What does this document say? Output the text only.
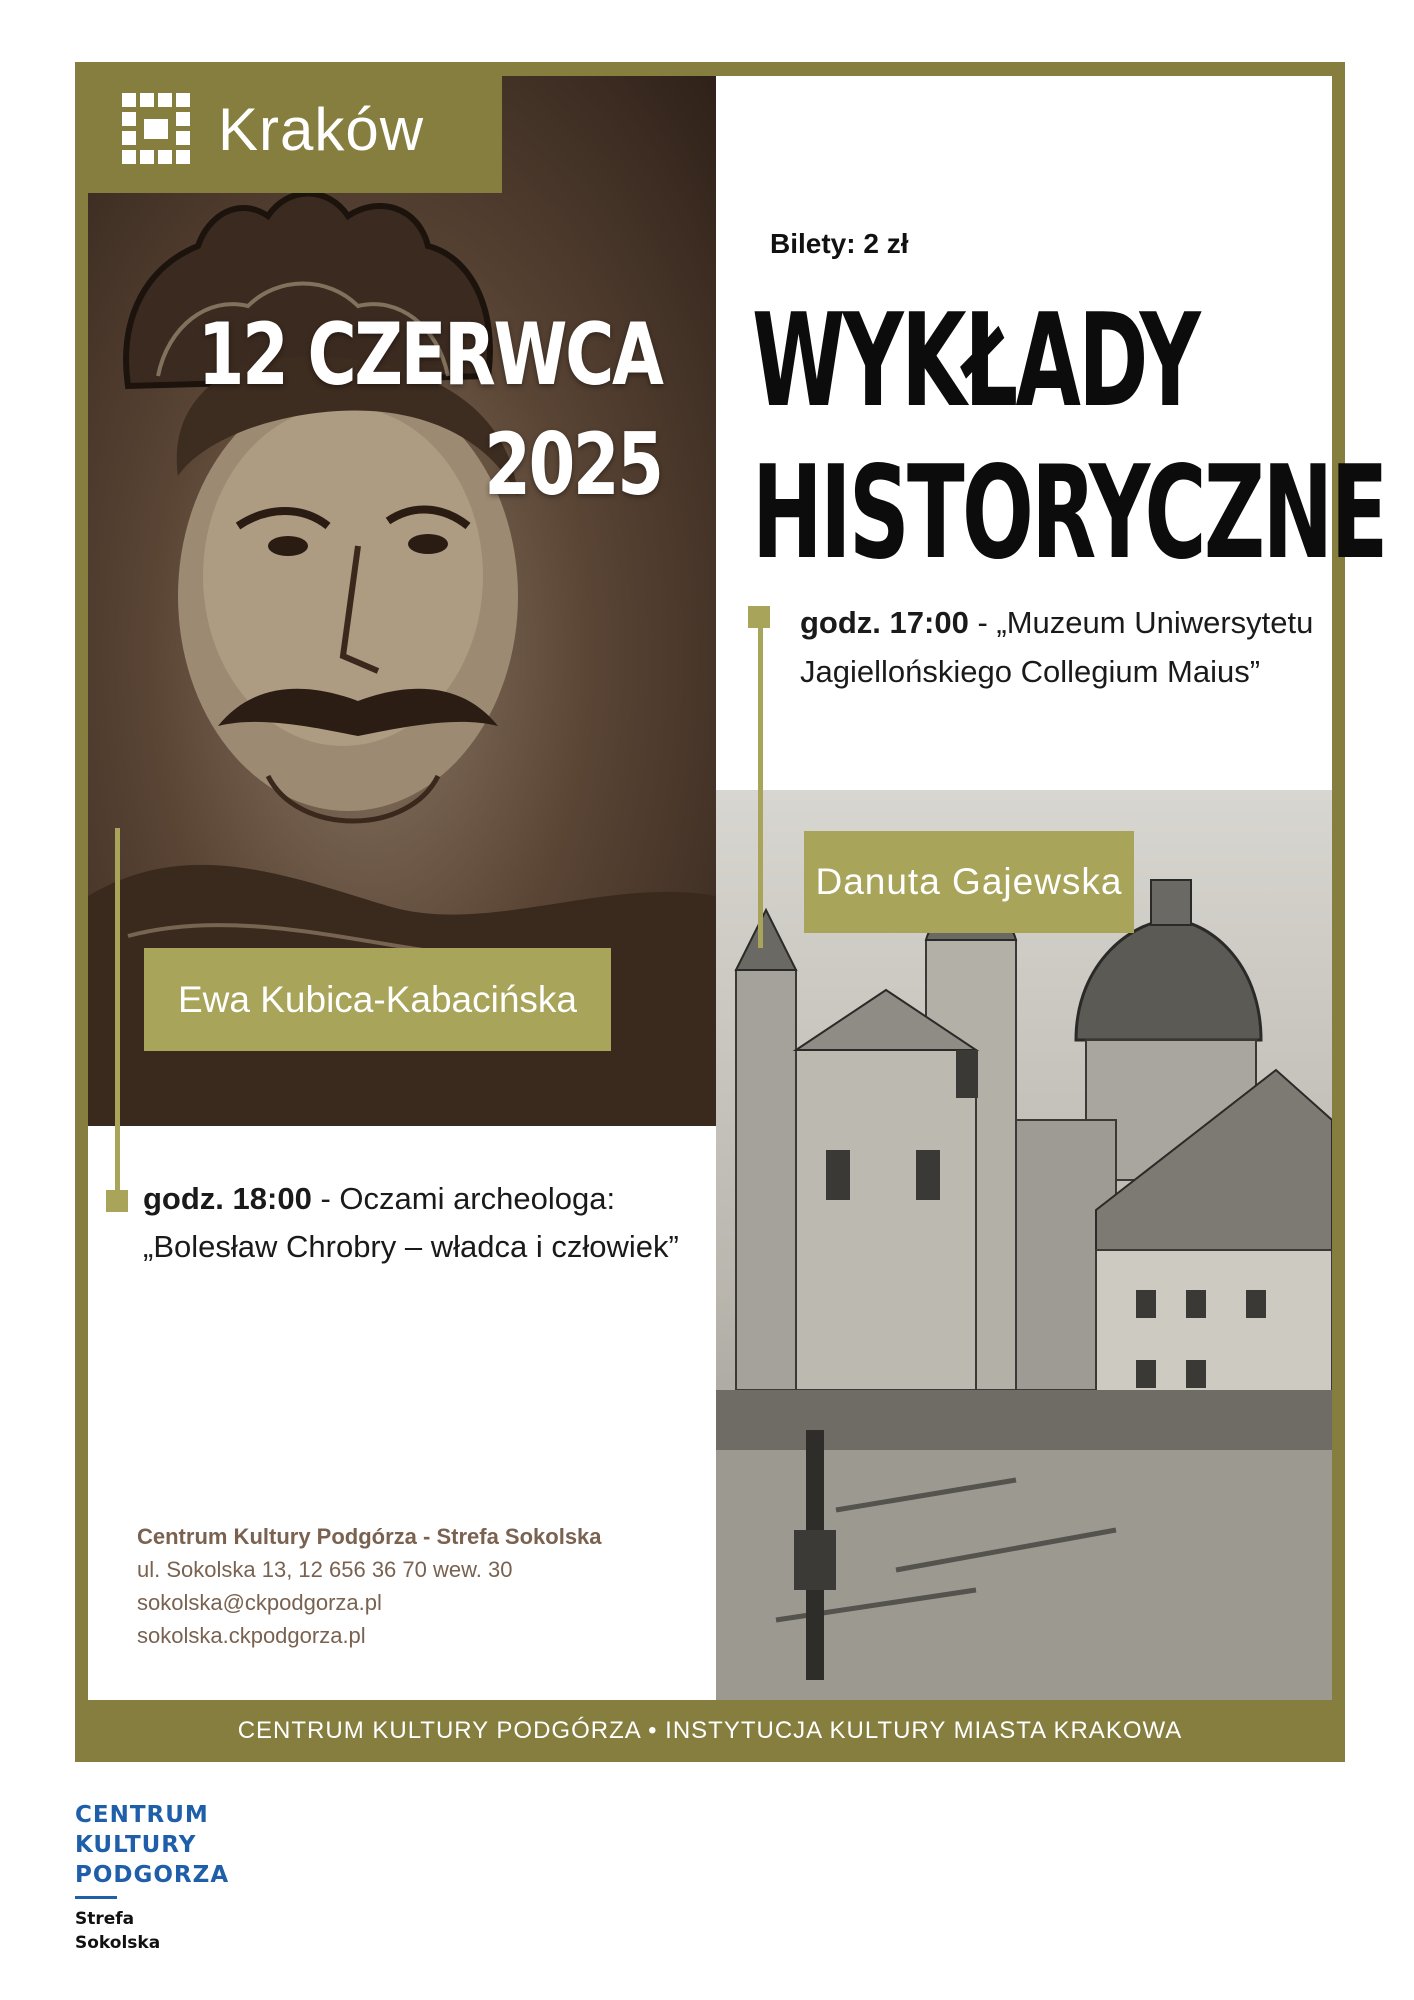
Kraków
12 CZERWCA
2025
Bilety: 2 zł
WYKŁADY
HISTORYCZNE
godz. 17:00 - „Muzeum Uniwersytetu Jagiellońskiego Collegium Maius”
Danuta Gajewska
Ewa Kubica-Kabacińska
godz. 18:00 - Oczami archeologa: „Bolesław Chrobry – władca i człowiek”
Centrum Kultury Podgórza - Strefa Sokolska
ul. Sokolska 13, 12 656 36 70 wew. 30
sokolska@ckpodgorza.pl
sokolska.ckpodgorza.pl
CENTRUM KULTURY PODGÓRZA • INSTYTUCJA KULTURY MIASTA KRAKOWA
CENTRUM
KULTURY
PODGORZA
Strefa
Sokolska
